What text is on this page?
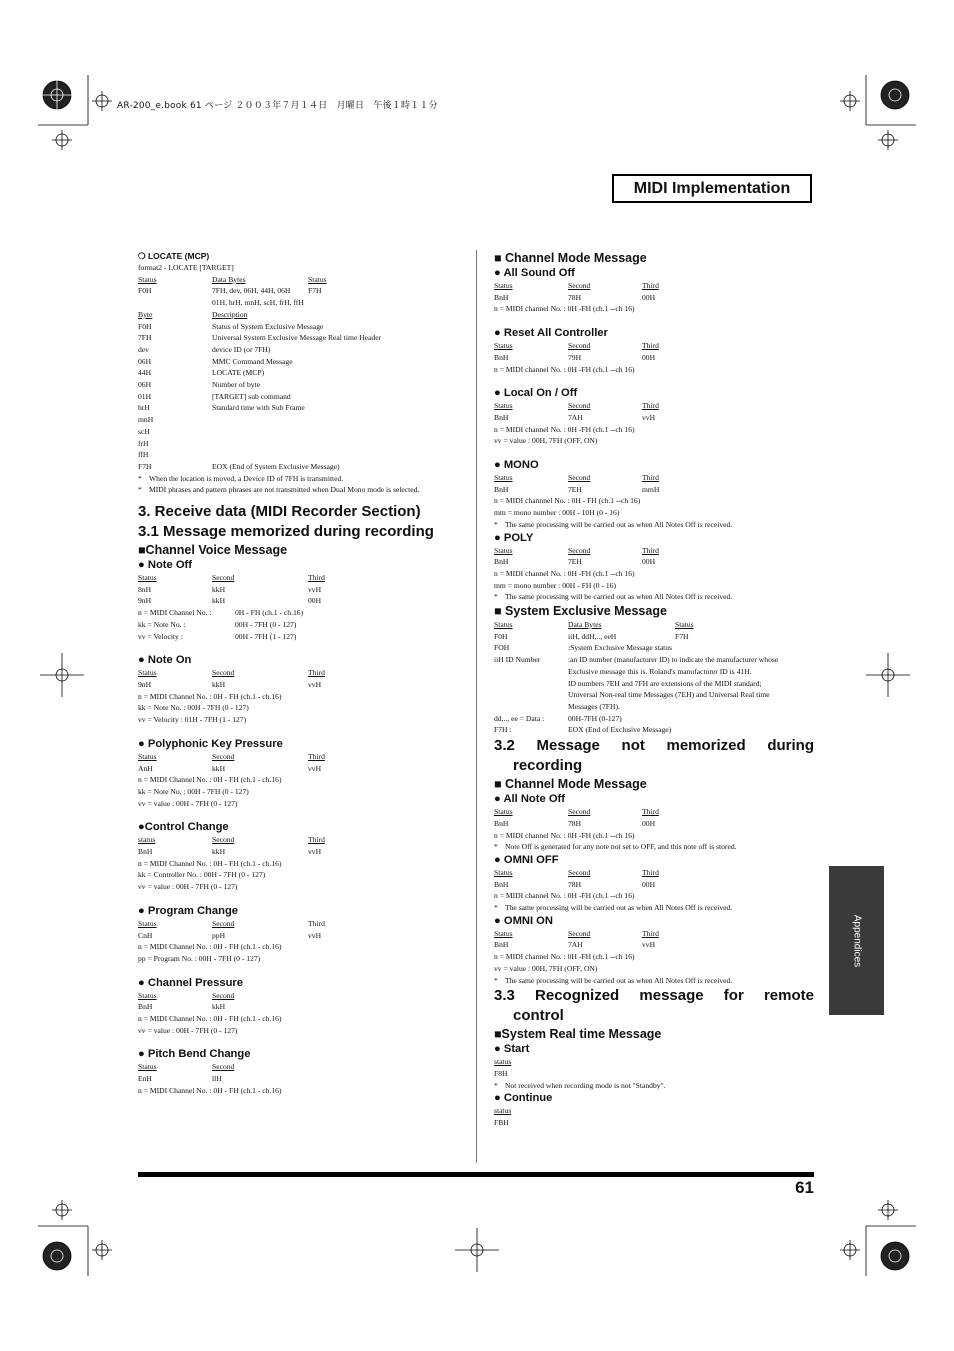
AR-200_e.book 61 ページ ２００３年７月１４日　月曜日　午後１時１１分
MIDI Implementation
❍ LOCATE (MCP)
format2 - LOCATE [TARGET]
Status	Data Bytes	Status
F0H	7FH, dev, 06H, 44H, 06H	F7H
01H, hrH, mnH, scH, frH, ffH
Byte	Description
F0H	Status of System Exclusive Message
7FH	Universal System Exclusive Message Real time Header
dev	device ID (or 7FH)
06H	MMC Command Message
44H	LOCATE (MCP)
06H	Number of byte
01H	[TARGET] sub command
hrH	Standard time with Sub Frame
mnH
scH
frH
ffH
F7H	EOX (End of System Exclusive Message)
* When the location is moved, a Device ID of 7FH is transmitted.
* MIDI phrases and pattern phrases are not transmitted when Dual Mono mode is selected.
3. Receive data (MIDI Recorder Section)
3.1 Message memorized during recording
■Channel Voice Message
● Note Off
Status	Second	Third
8nH	kkH	vvH
9nH	kkH	00H
n = MIDI Channel No. :	0H - FH (ch.1 - ch.16)
kk = Note No. :	00H - 7FH (0 - 127)
vv = Velocity :	00H - 7FH (1 - 127)
● Note On
Status	Second	Third
9nH	kkH	vvH
n = MIDI Channel No. : 0H - FH (ch.1 - ch.16)
kk = Note No. : 00H - 7FH (0 - 127)
vv = Velocity : 01H - 7FH (1 - 127)
● Polyphonic Key Pressure
Status	Second	Third
AnH	kkH	vvH
n = MIDI Channel No. : 0H - FH (ch.1 - ch.16)
kk = Note No. : 00H - 7FH (0 - 127)
vv = value : 00H - 7FH (0 - 127)
●Control Change
status	Second	Third
BnH	kkH	vvH
n = MIDI Channel No. : 0H - FH (ch.1 - ch.16)
kk = Controller No. : 00H - 7FH (0 - 127)
vv = value : 00H - 7FH (0 - 127)
● Program Change
Status	Second	Third
CnH	ppH	vvH
n = MIDI Channel No. : 0H - FH (ch.1 - ch.16)
pp = Program No. : 00H - 7FH (0 - 127)
● Channel Pressure
Status	Second
BnH	kkH
n = MIDI Channel No. : 0H - FH (ch.1 - ch.16)
vv = value : 00H - 7FH (0 - 127)
● Pitch Bend Change
Status	Second
EnH	llH
n = MIDI Channel No. : 0H - FH (ch.1 - ch.16)
■ Channel Mode Message
● All Sound Off
Status	Second	Third
BnH	78H	00H
n = MIDI channel No. : 0H -FH (ch.1 --ch 16)
● Reset All Controller
Status	Second	Third
BnH	79H	00H
n = MIDI channel No. : 0H -FH (ch.1 --ch 16)
● Local On / Off
Status	Second	Third
BnH	7AH	vvH
n = MIDI channel No. : 0H -FH (ch.1 --ch 16)
vv = value : 00H, 7FH (OFF, ON)
● MONO
Status	Second	Third
BnH	7EH	mmH
n = MIDI channnel No. : 0H - FH (ch.1 --ch 16)
mm = mono number : 00H - 10H (0 - 16)
* The same processing will be carried out as when All Notes Off is received.
● POLY
Status	Second	Third
BnH	7EH	00H
n = MIDI channel No. : 0H -FH (ch.1 --ch 16)
mm = mono number : 00H - FH (0 - 16)
* The same processing will be carried out as when All Notes Off is received.
■ System Exclusive Message
Status	Data Bytes	Status
F0H	iiH, ddH,.., eeH	F7H
FOH	:System Exclusive Message status
iiH ID Number	:an ID number (manufacturer ID) to indicate the manufacturer whose
Exclusive message this is. Roland's manufacturer ID is 41H.
ID numbers 7EH and 7FH are extensions of the MIDI standard;
Universal Non-real time Messages (7EH) and Universal Real time
Messages (7FH).
dd,.., ee = Data :	00H-7FH (0-127)
F7H :	EOX (End of Exclusive Message)
3.2 Message not memorized during
recording
■ Channel Mode Message
● All Note Off
Status	Second	Third
BnH	78H	00H
n = MIDI channel No. : 0H -FH (ch.1 --ch 16)
* Note Off is generated for any note not set to OFF, and this note off is stored.
● OMNI OFF
Status	Second	Third
BnH	78H	00H
n = MIDI channel No. : 0H -FH (ch.1 --ch 16)
* The same processing will be carried out as when All Notes Off is received.
● OMNI ON
Status	Second	Third
BnH	7AH	vvH
n = MIDI channel No. : 0H -FH (ch.1 --ch 16)
vv = value : 00H, 7FH (OFF, ON)
* The same processing will be carried out as when All Notes Off is received.
3.3 Recognized message for remote
control
■System Real time Message
● Start
status
F8H
* Not received when recording mode is not "Standby".
● Continue
status
FBH
61
Appendices
